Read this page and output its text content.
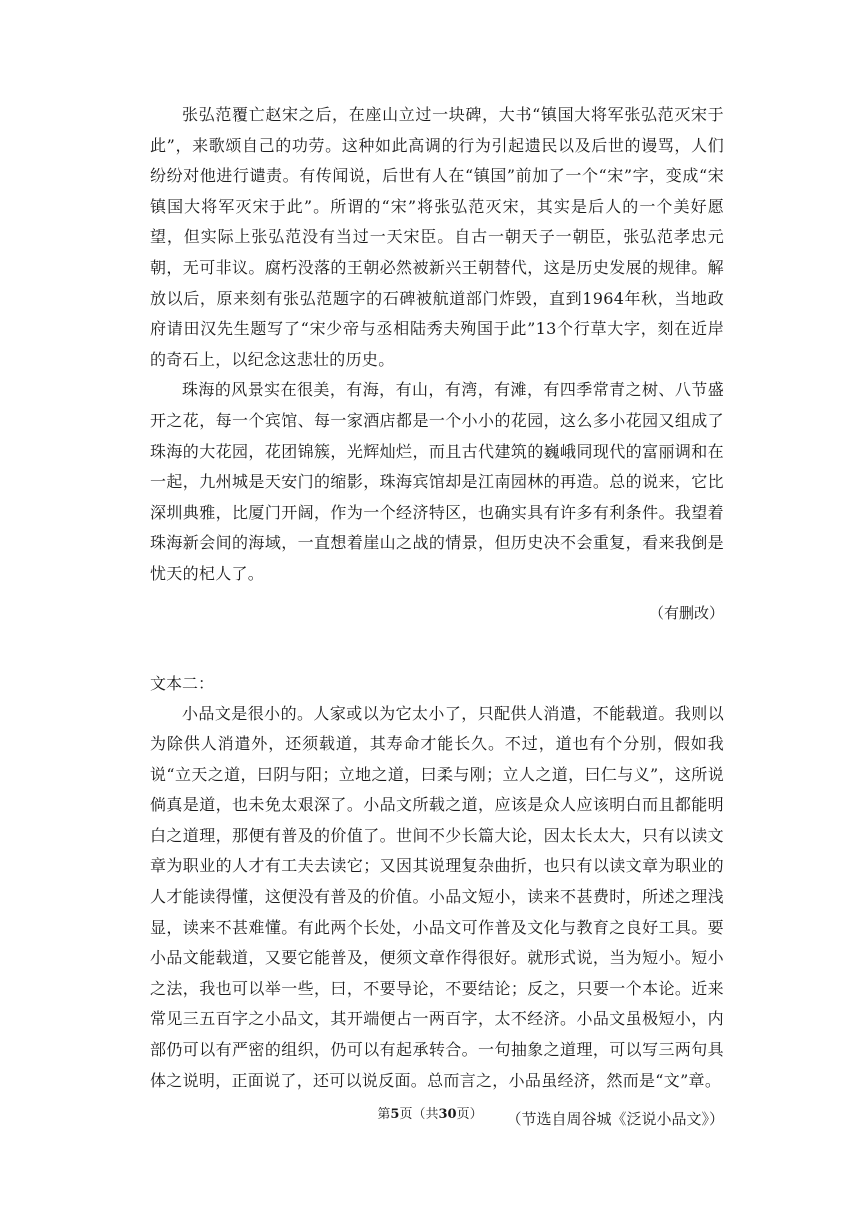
张弘范覆亡赵宋之后，在座山立过一块碑，大书“镇国大将军张弘范灭宋于此”，来歌颂自己的功劳。这种如此高调的行为引起遗民以及后世的谩骂，人们纷纷对他进行谴责。有传闻说，后世有人在“镇国”前加了一个“宋”字，变成“宋镇国大将军灭宋于此”。所谓的“宋”将张弘范灭宋，其实是后人的一个美好愿望，但实际上张弘范没有当过一天宋臣。自古一朝天子一朝臣，张弘范孝忠元朝，无可非议。腐朽没落的王朝必然被新兴王朝替代，这是历史发展的规律。解放以后，原来刻有张弘范题字的石碑被航道部门炸毁，直到1964年秋，当地政府请田汉先生题写了“宋少帝与丞相陆秀夫殉国于此”13个行草大字，刻在近岸的奇石上，以纪念这悲壮的历史。

珠海的风景实在很美，有海，有山，有湾，有滩，有四季常青之树、八节盛开之花，每一个宾馆、每一家酒店都是一个小小的花园，这么多小花园又组成了珠海的大花园，花团锦簇，光辉灿烂，而且古代建筑的巍峨同现代的富丽调和在一起，九州城是天安门的缩影，珠海宾馆却是江南园林的再造。总的说来，它比深圳典雅，比厦门开阔，作为一个经济特区，也确实具有许多有利条件。我望着珠海新会间的海域，一直想着崖山之战的情景，但历史决不会重复，看来我倒是忧天的杞人了。

（有删改）
文本二：

小品文是很小的。人家或以为它太小了，只配供人消遣，不能载道。我则以为除供人消遣外，还须载道，其寿命才能长久。不过，道也有个分别，假如我说“立天之道，曰阴与阳；立地之道，曰柔与刚；立人之道，曰仁与义”，这所说倘真是道，也未免太艰深了。小品文所载之道，应该是众人应该明白而且都能明白之道理，那便有普及的价值了。世间不少长篇大论，因太长太大，只有以读文章为职业的人才有工夫去读它；又因其说理复杂曲折，也只有以读文章为职业的人才能读得懂，这便没有普及的价值。小品文短小，读来不甚费时，所述之理浅显，读来不甚难懂。有此两个长处，小品文可作普及文化与教育之良好工具。要小品文能载道，又要它能普及，便须文章作得很好。就形式说，当为短小。短小之法，我也可以举一些，曰，不要导论，不要结论；反之，只要一个本论。近来常见三五百字之小品文，其开端便占一两百字，太不经济。小品文虽极短小，内部仍可以有严密的组织，仍可以有起承转合。一句抽象之道理，可以写三两句具体之说明，正面说了，还可以说反面。总而言之，小品虽经济，然而是“文”章。

（节选自周谷城《泛说小品文》）
第5页（共30页）
